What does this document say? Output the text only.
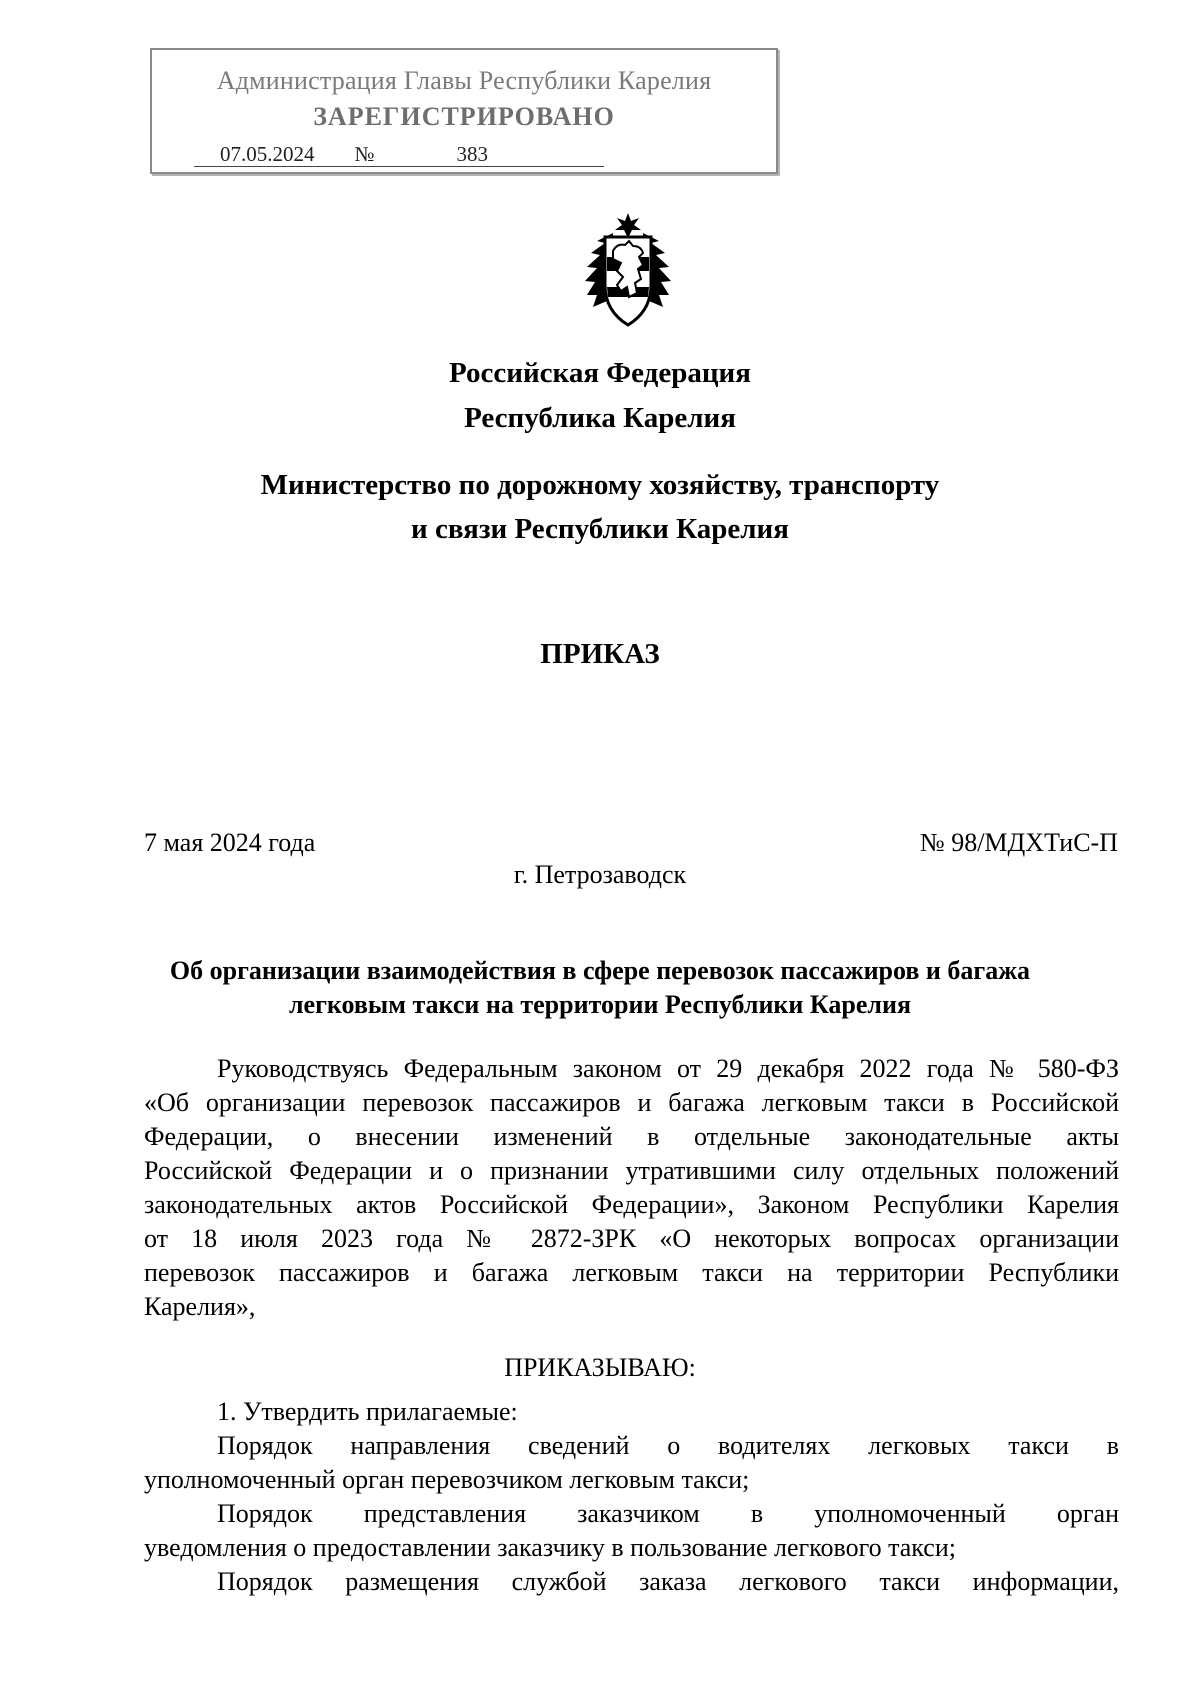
Администрация Главы Республики Карелия
ЗАРЕГИСТРИРОВАНО
07.05.2024 №	383
Российская Федерация
Республика Карелия
Министерство по дорожному хозяйству, транспорту
и связи Республики Карелия
ПРИКАЗ
7 мая 2024 года	№ 98/МДХТиС-П
г. Петрозаводск
Об организации взаимодействия в сфере перевозок пассажиров и багажа
легковым такси на территории Республики Карелия
Руководствуясь Федеральным законом от 29 декабря 2022 года № 580-ФЗ
«Об организации перевозок пассажиров и багажа легковым такси в Российской
Федерации, о внесении изменений в отдельные законодательные акты
Российской Федерации и о признании утратившими силу отдельных положений
законодательных актов Российской Федерации», Законом Республики Карелия
от 18 июля 2023 года № 2872-ЗРК «О некоторых вопросах организации
перевозок пассажиров и багажа легковым такси на территории Республики
Карелия»,
ПРИКАЗЫВАЮ:
1. Утвердить прилагаемые:
Порядок направления сведений о водителях легковых такси в
уполномоченный орган перевозчиком легковым такси;
Порядок представления заказчиком в уполномоченный орган
уведомления о предоставлении заказчику в пользование легкового такси;
Порядок размещения службой заказа легкового такси информации,
